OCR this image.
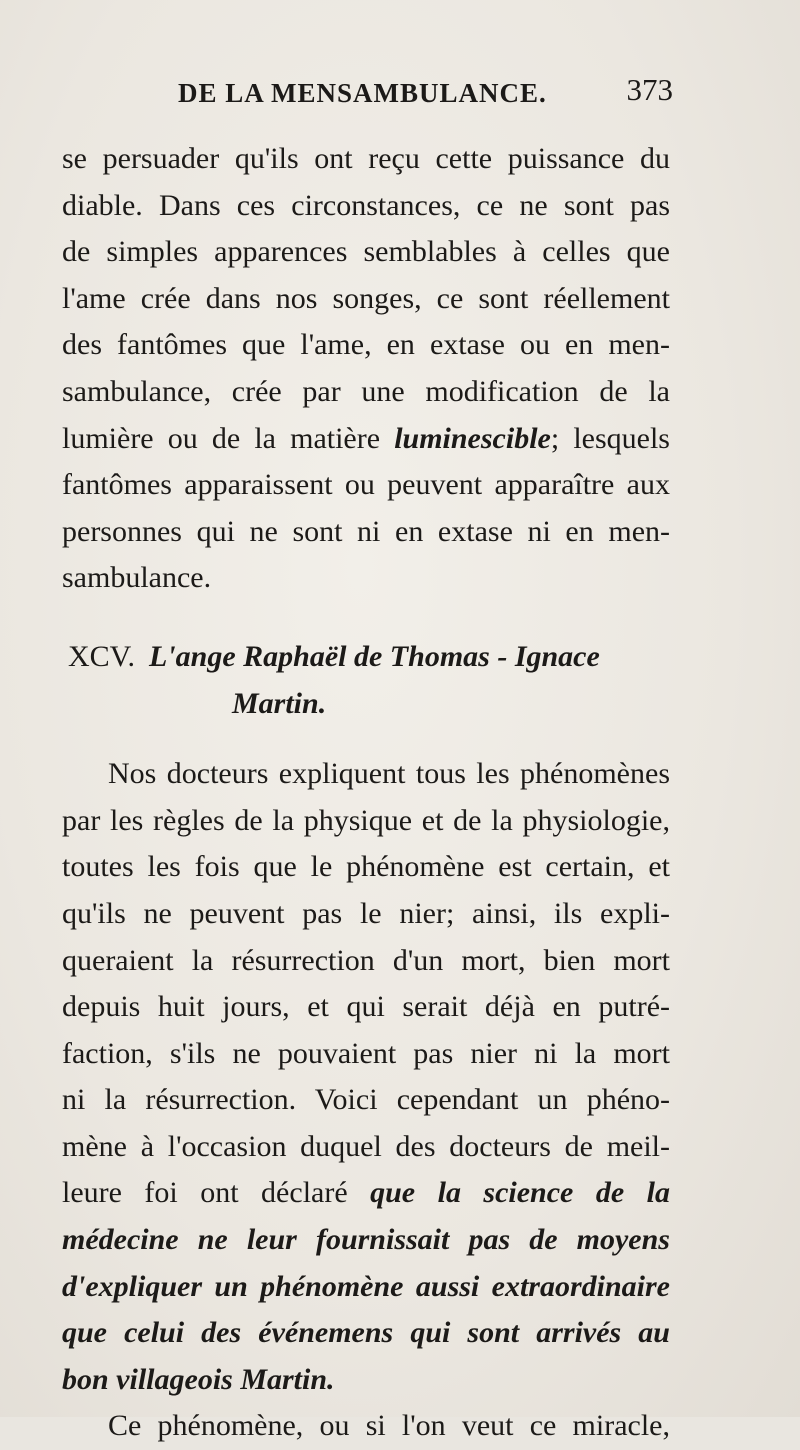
DE LA MENSAMBULANCE.	373
se persuader qu'ils ont reçu cette puissance du
diable. Dans ces circonstances, ce ne sont pas
de simples apparences semblables à celles que
l'ame crée dans nos songes, ce sont réellement
des fantômes que l'ame, en extase ou en men-
sambulance, crée par une modification de la
lumière ou de la matière luminescible; lesquels
fantômes apparaissent ou peuvent apparaître aux
personnes qui ne sont ni en extase ni en men-
sambulance.
XCV. L'ange Raphaël de Thomas - Ignace
Martin.
Nos docteurs expliquent tous les phénomènes
par les règles de la physique et de la physiologie,
toutes les fois que le phénomène est certain, et
qu'ils ne peuvent pas le nier; ainsi, ils expli-
queraient la résurrection d'un mort, bien mort
depuis huit jours, et qui serait déjà en putré-
faction, s'ils ne pouvaient pas nier ni la mort
ni la résurrection. Voici cependant un phéno-
mène à l'occasion duquel des docteurs de meil-
leure foi ont déclaré que la science de la
médecine ne leur fournissait pas de moyens
d'expliquer un phénomène aussi extraordinaire
que celui des événemens qui sont arrivés au
bon villageois Martin.
Ce phénomène, ou si l'on veut ce miracle,
